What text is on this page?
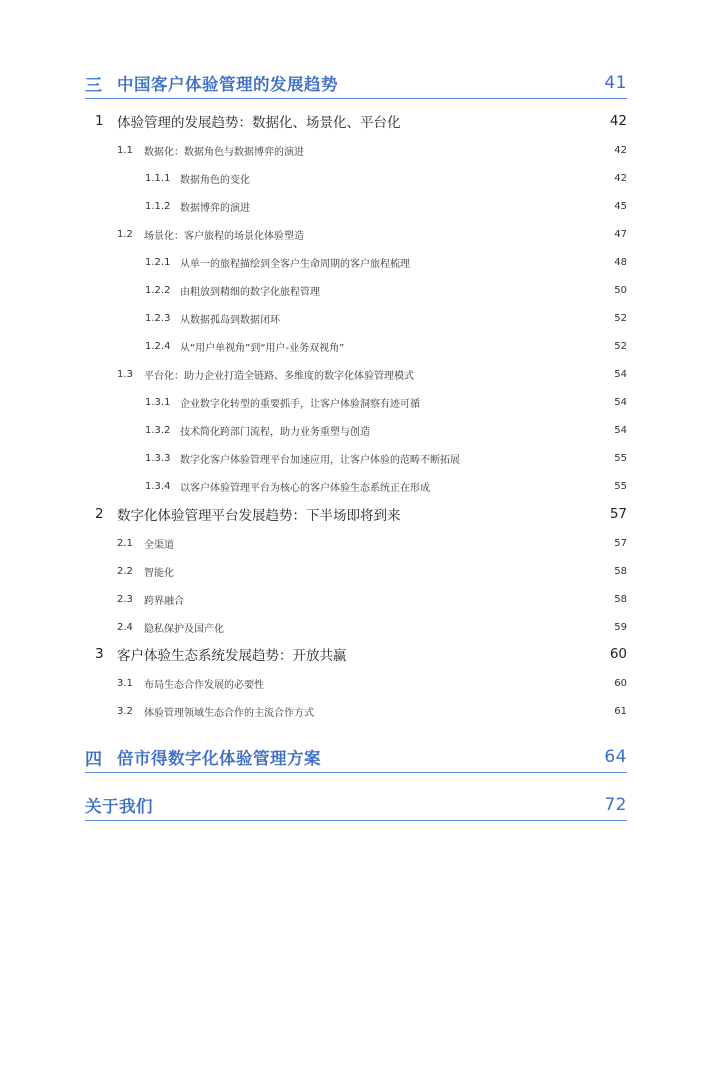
三 中国客户体验管理的发展趋势	41
1 体验管理的发展趋势：数据化、场景化、平台化	42
1.1	数据化：数据角色与数据博弈的演进	42
1.1.1 数据角色的变化	42
1.1.2 数据博弈的演进	45
1.2	场景化：客户旅程的场景化体验塑造	47
1.2.1 从单一的旅程描绘到全客户生命周期的客户旅程梳理	48
1.2.2 由粗放到精细的数字化旅程管理	50
1.2.3 从数据孤岛到数据闭环	52
1.2.4 从“用户单视角”到“用户-业务双视角”	52
1.3	平台化：助力企业打造全链路、多维度的数字化体验管理模式	54
1.3.1 企业数字化转型的重要抓手，让客户体验洞察有迹可循	54
1.3.2 技术简化跨部门流程，助力业务重塑与创造	54
1.3.3 数字化客户体验管理平台加速应用，让客户体验的范畴不断拓展	55
1.3.4 以客户体验管理平台为核心的客户体验生态系统正在形成	55
2 数字化体验管理平台发展趋势：下半场即将到来	57
2.1	全渠道	57
2.2	智能化	58
2.3	跨界融合	58
2.4	隐私保护及国产化	59
3 客户体验生态系统发展趋势：开放共赢	60
3.1	布局生态合作发展的必要性	60
3.2	体验管理领域生态合作的主流合作方式	61
四 倍市得数字化体验管理方案	64
关于我们	72
